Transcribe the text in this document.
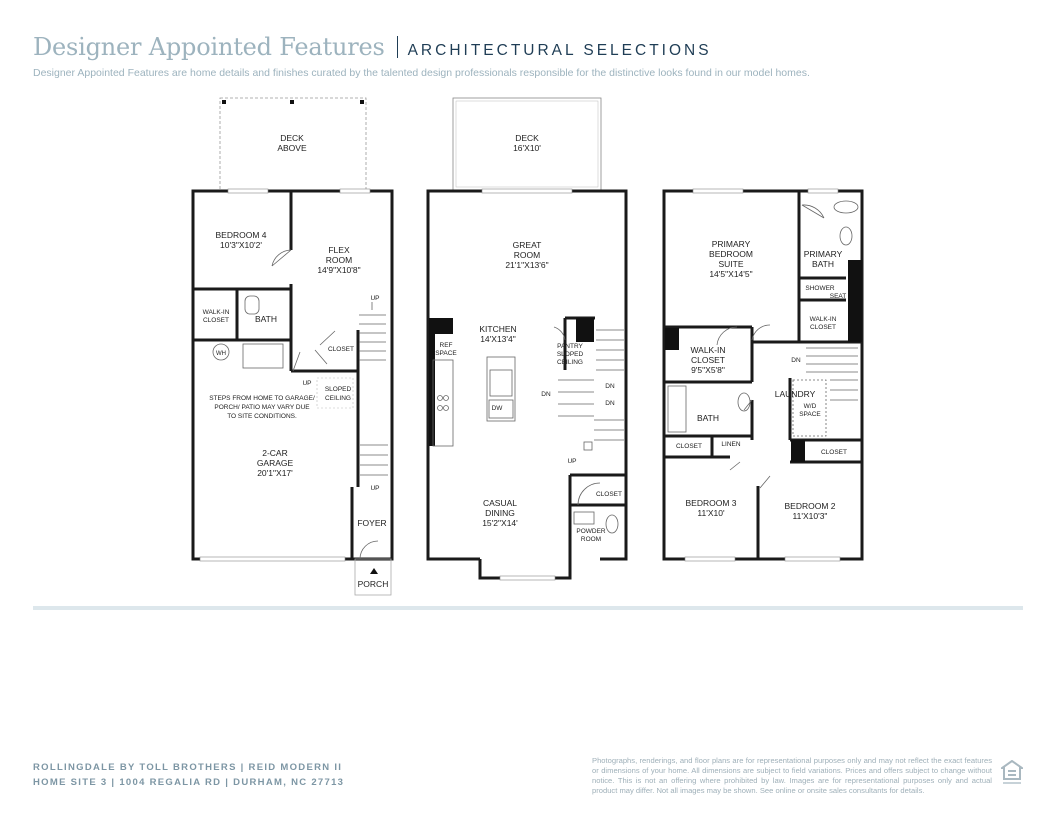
Designer Appointed Features ARCHITECTURAL SELECTIONS
Designer Appointed Features are home details and finishes curated by the talented design professionals responsible for the distinctive looks found in our model homes.
DECK
ABOVE
BEDROOM 4
10'3"X10'2'	FLEX
ROOM
14'9"X10'8"
WALK-IN
CLOSET	BATH
WH
CLOSET
UP
UP
SLOPED
CEILING
STEPS FROM HOME TO GARAGE/
PORCH/ PATIO MAY VARY DUE
TO SITE CONDITIONS.
2-CAR
GARAGE
20'1"X17'
UP
FOYER
PORCH
DECK
16'X10'
GREAT
ROOM
21'1"X13'6"
KITCHEN
14'X13'4"
REF
SPACE
PANTRY
SLOPED
CEILING
DW
DN
DN
DN
UP
CASUAL
DINING
15'2"X14'
CLOSET
POWDER
ROOM
PRIMARY
BEDROOM
SUITE
14'5"X14'5"
PRIMARY
BATH
SHOWER
SEAT
WALK-IN
CLOSET
WALK-IN
CLOSET
9'5"X5'8"
DN
LAUNDRY
W/D
SPACE
BATH
CLOSET	LINEN
CLOSET
BEDROOM 3
11'X10'
BEDROOM 2
11'X10'3"
ROLLINGDALE BY TOLL BROTHERS | REID MODERN II
HOME SITE 3 | 1004 REGALIA RD | DURHAM, NC 27713
Photographs, renderings, and floor plans are for representational purposes only and may not reflect the exact features or dimensions of your home. All dimensions are subject to field variations. Prices and offers subject to change without notice. This is not an offering where prohibited by law. Images are for representational purposes only and actual product may differ. Not all images may be shown. See online or onsite sales consultants for details.
